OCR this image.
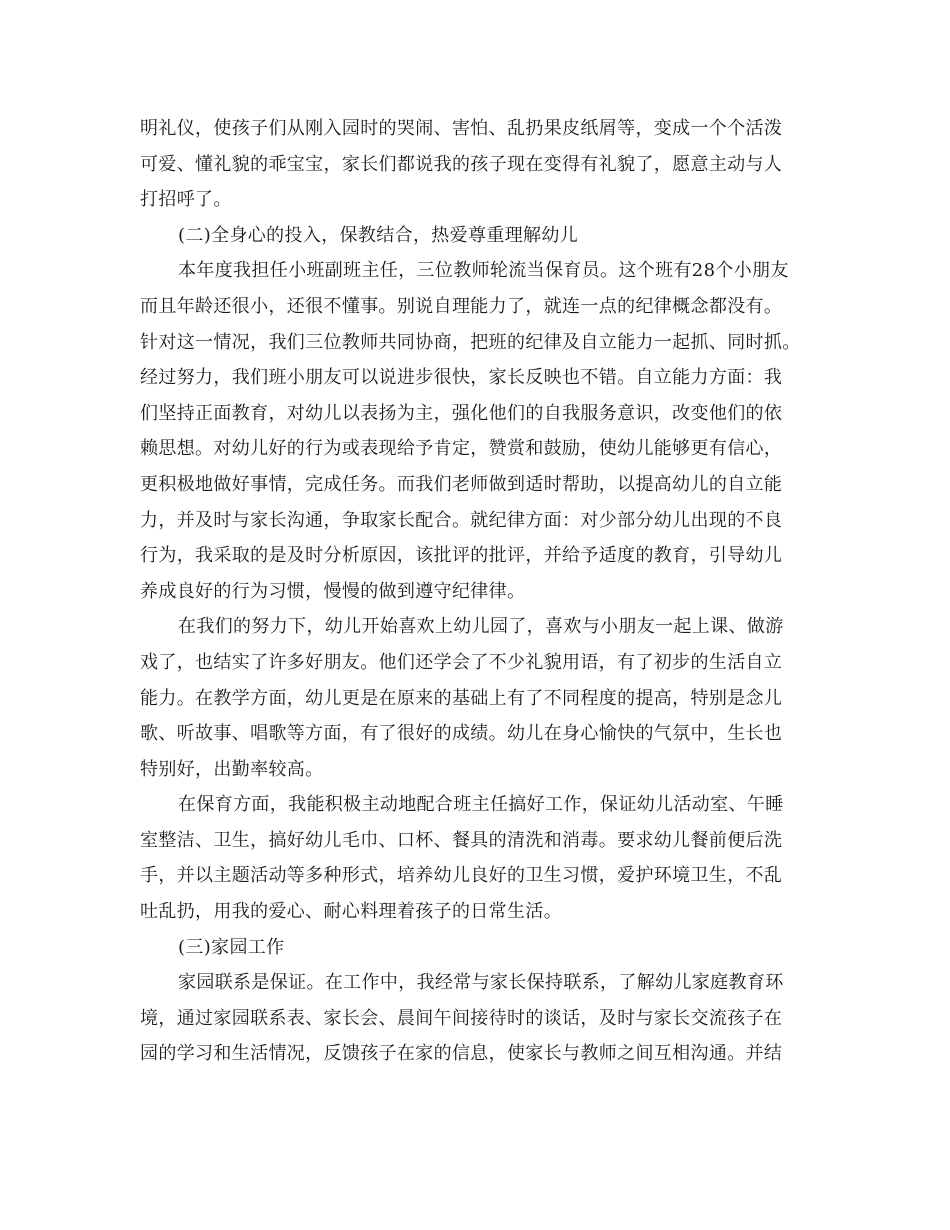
明礼仪，使孩子们从刚入园时的哭闹、害怕、乱扔果皮纸屑等，变成一个个活泼
可爱、懂礼貌的乖宝宝，家长们都说我的孩子现在变得有礼貌了，愿意主动与人
打招呼了。
(二)全身心的投入，保教结合，热爱尊重理解幼儿
本年度我担任小班副班主任，三位教师轮流当保育员。这个班有28个小朋友
而且年龄还很小，还很不懂事。别说自理能力了，就连一点的纪律概念都没有。
针对这一情况，我们三位教师共同协商，把班的纪律及自立能力一起抓、同时抓。
经过努力，我们班小朋友可以说进步很快，家长反映也不错。自立能力方面：我
们坚持正面教育，对幼儿以表扬为主，强化他们的自我服务意识，改变他们的依
赖思想。对幼儿好的行为或表现给予肯定，赞赏和鼓励，使幼儿能够更有信心，
更积极地做好事情，完成任务。而我们老师做到适时帮助，以提高幼儿的自立能
力，并及时与家长沟通，争取家长配合。就纪律方面：对少部分幼儿出现的不良
行为，我采取的是及时分析原因，该批评的批评，并给予适度的教育，引导幼儿
养成良好的行为习惯，慢慢的做到遵守纪律律。
在我们的努力下，幼儿开始喜欢上幼儿园了，喜欢与小朋友一起上课、做游
戏了，也结实了许多好朋友。他们还学会了不少礼貌用语，有了初步的生活自立
能力。在教学方面，幼儿更是在原来的基础上有了不同程度的提高，特别是念儿
歌、听故事、唱歌等方面，有了很好的成绩。幼儿在身心愉快的气氛中，生长也
特别好，出勤率较高。
在保育方面，我能积极主动地配合班主任搞好工作，保证幼儿活动室、午睡
室整洁、卫生，搞好幼儿毛巾、口杯、餐具的清洗和消毒。要求幼儿餐前便后洗
手，并以主题活动等多种形式，培养幼儿良好的卫生习惯，爱护环境卫生，不乱
吐乱扔，用我的爱心、耐心料理着孩子的日常生活。
(三)家园工作
家园联系是保证。在工作中，我经常与家长保持联系，了解幼儿家庭教育环
境，通过家园联系表、家长会、晨间午间接待时的谈话，及时与家长交流孩子在
园的学习和生活情况，反馈孩子在家的信息，使家长与教师之间互相沟通。并结
